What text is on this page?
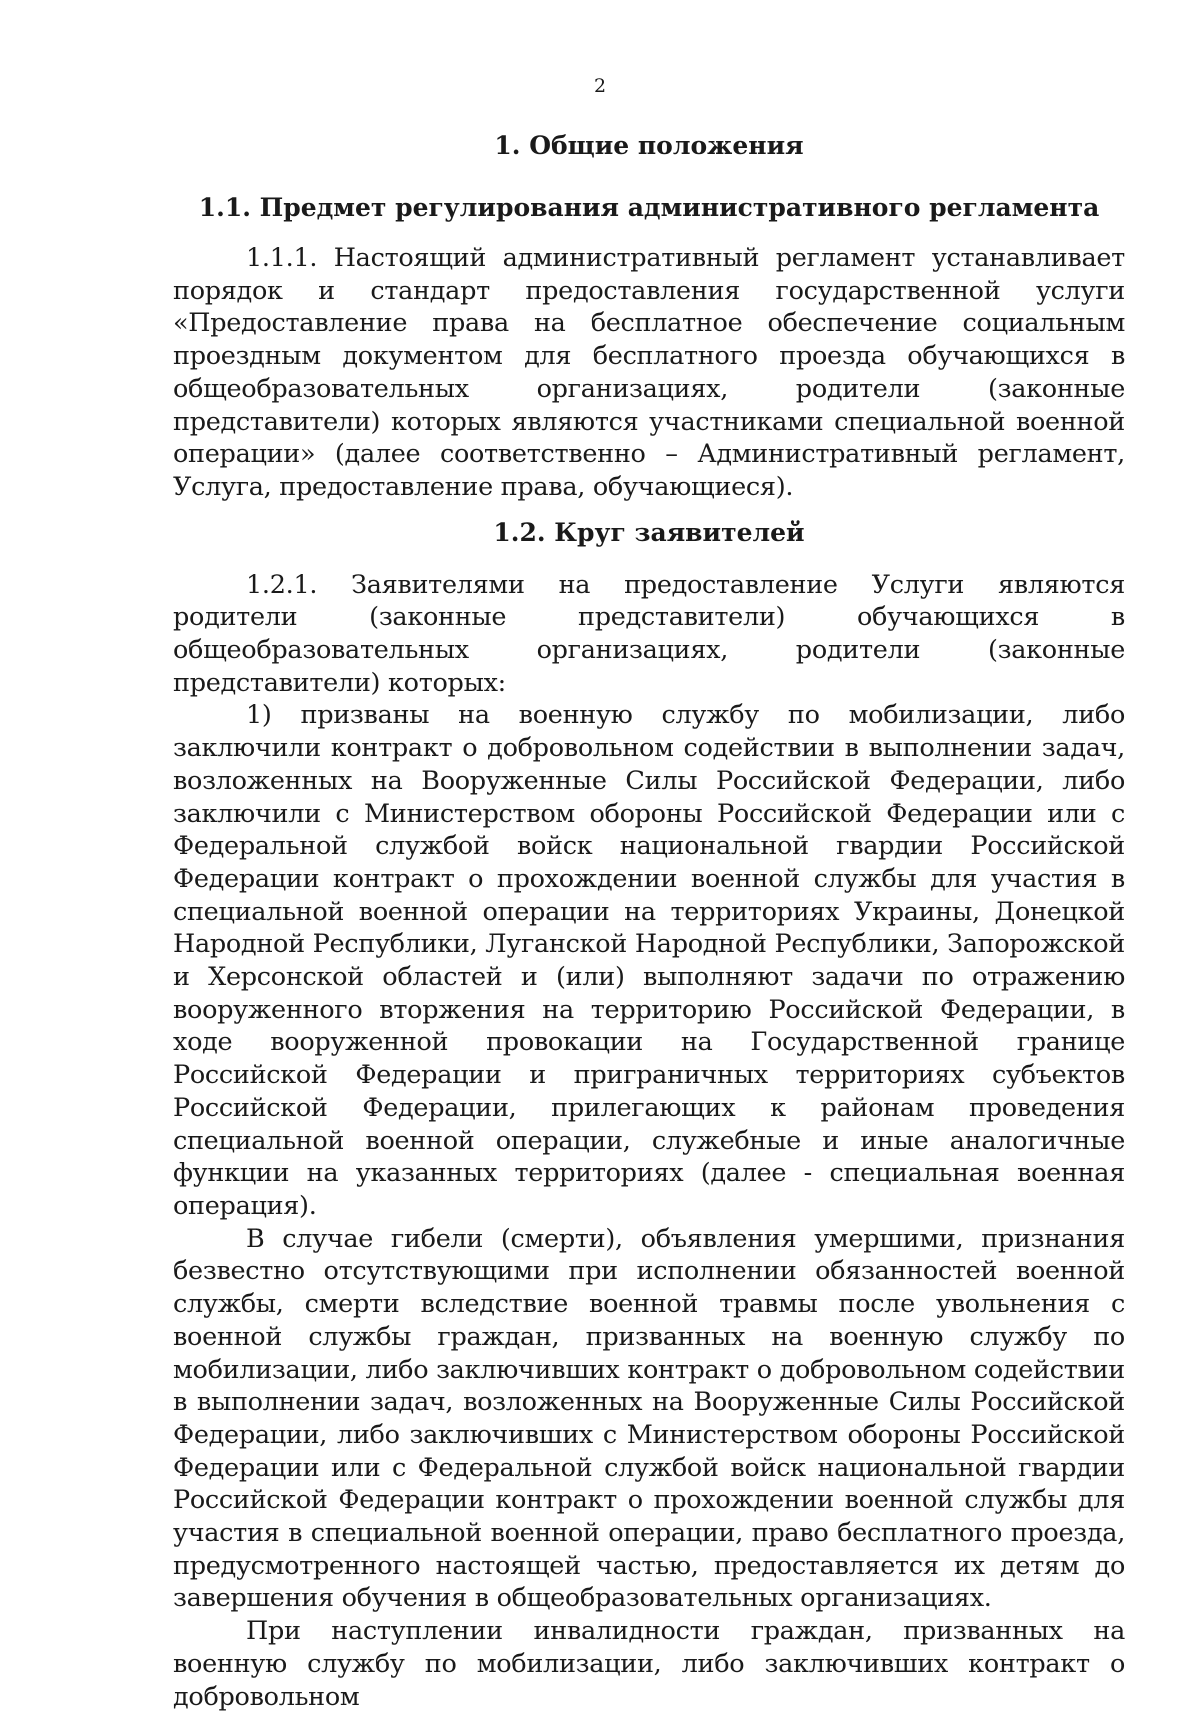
2

1. Общие положения
1.1. Предмет регулирования административного регламента

1.1.1. Настоящий административный регламент устанавливает порядок и стандарт предоставления государственной услуги «Предоставление права на бесплатное обеспечение социальным проездным документом для бесплатного проезда обучающихся в общеобразовательных организациях, родители (законные представители) которых являются участниками специальной военной операции» (далее соответственно – Административный регламент, Услуга, предоставление права, обучающиеся).

1.2. Круг заявителей

1.2.1. Заявителями на предоставление Услуги являются родители (законные представители) обучающихся в общеобразовательных организациях, родители (законные представители) которых:

1) призваны на военную службу по мобилизации, либо заключили контракт о добровольном содействии в выполнении задач, возложенных на Вооруженные Силы Российской Федерации, либо заключили с Министерством обороны Российской Федерации или с Федеральной службой войск национальной гвардии Российской Федерации контракт о прохождении военной службы для участия в специальной военной операции на территориях Украины, Донецкой Народной Республики, Луганской Народной Республики, Запорожской и Херсонской областей и (или) выполняют задачи по отражению вооруженного вторжения на территорию Российской Федерации, в ходе вооруженной провокации на Государственной границе Российской Федерации и приграничных территориях субъектов Российской Федерации, прилегающих к районам проведения специальной военной операции, служебные и иные аналогичные функции на указанных территориях (далее - специальная военная операция).

В случае гибели (смерти), объявления умершими, признания безвестно отсутствующими при исполнении обязанностей военной службы, смерти вследствие военной травмы после увольнения с военной службы граждан, призванных на военную службу по мобилизации, либо заключивших контракт о добровольном содействии в выполнении задач, возложенных на Вооруженные Силы Российской Федерации, либо заключивших с Министерством обороны Российской Федерации или с Федеральной службой войск национальной гвардии Российской Федерации контракт о прохождении военной службы для участия в специальной военной операции, право бесплатного проезда, предусмотренного настоящей частью, предоставляется их детям до завершения обучения в общеобразовательных организациях.

При наступлении инвалидности граждан, призванных на военную службу по мобилизации, либо заключивших контракт о добровольном
